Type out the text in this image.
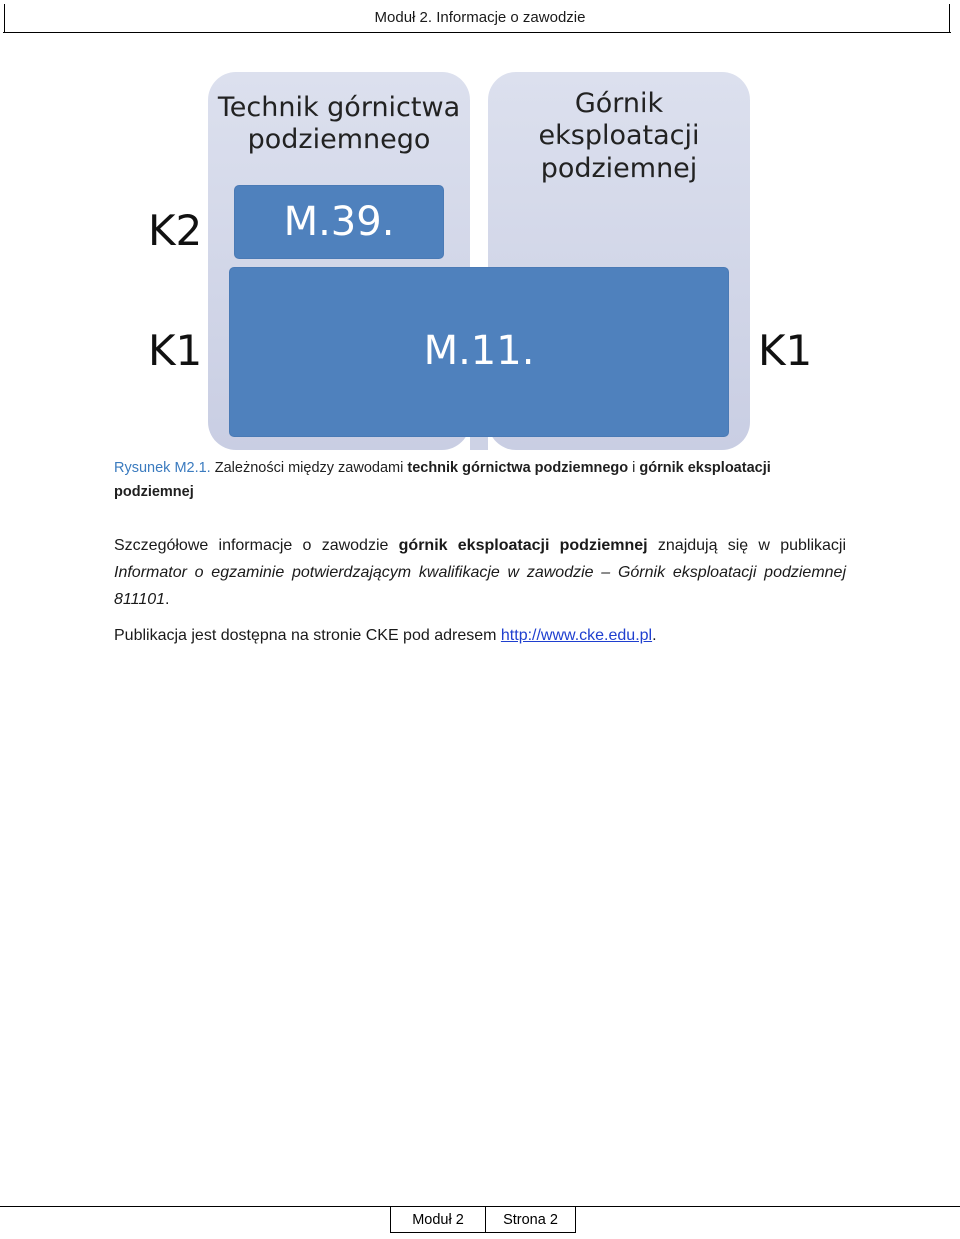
Moduł 2. Informacje o zawodzie
Technik górnictwa
podziemnego
Górnik
eksploatacji
podziemnej
M.39.
M.11.
K2
K1	K1
Rysunek M2.1. Zależności między zawodami technik górnictwa podziemnego i górnik eksploatacji podziemnej
Szczegółowe informacje o zawodzie górnik eksploatacji podziemnej znajdują się w publikacji Informator o egzaminie potwierdzającym kwalifikacje w zawodzie – Górnik eksploatacji podziemnej 811101.
Publikacja jest dostępna na stronie CKE pod adresem http://www.cke.edu.pl.
Moduł 2	Strona 2
